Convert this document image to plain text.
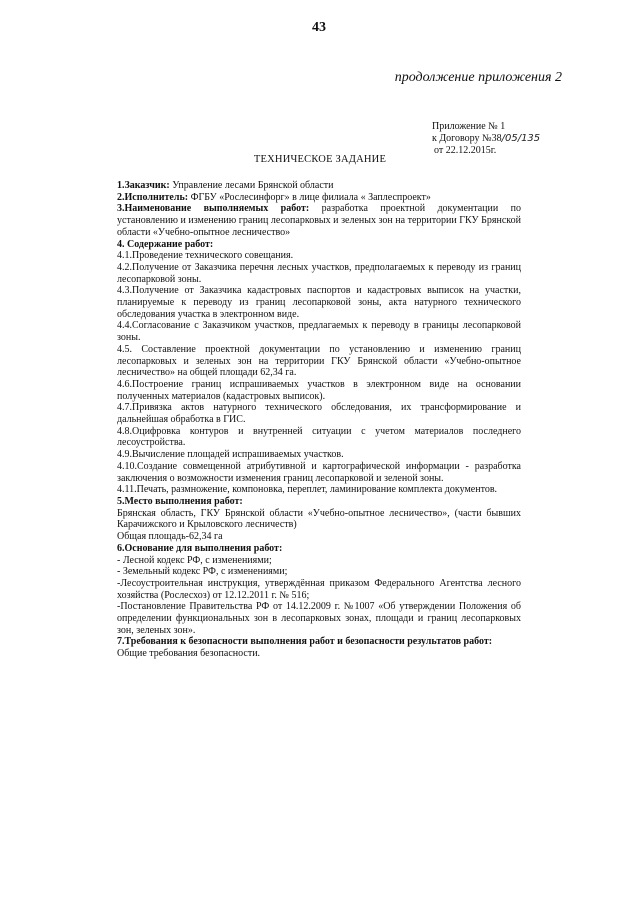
43
продолжение приложения 2
Приложение № 1
к Договору №38/05/135
от 22.12.2015г.
ТЕХНИЧЕСКОЕ ЗАДАНИЕ

1.Заказчик: Управление лесами Брянской области

2.Исполнитель: ФГБУ «Рослесинфорг» в лице филиала « Заплеспроект»

3.Наименование выполняемых работ: разработка проектной документации по установлению и изменению границ лесопарковых и зеленых зон на территории ГКУ Брянской области «Учебно-опытное лесничество»

4. Содержание работ:

4.1.Проведение технического совещания.

4.2.Получение от Заказчика перечня лесных участков, предполагаемых к переводу из границ лесопарковой зоны.

4.3.Получение от Заказчика кадастровых паспортов и кадастровых выписок на участки, планируемые к переводу из границ лесопарковой зоны, акта натурного технического обследования участка в электронном виде.

4.4.Согласование с Заказчиком участков, предлагаемых к переводу в границы лесопарковой зоны.

4.5. Составление проектной документации по установлению и изменению границ лесопарковых и зеленых зон на территории ГКУ Брянской области «Учебно-опытное лесничество» на общей площади 62,34 га.

4.6.Построение границ испрашиваемых участков в электронном виде на основании полученных материалов (кадастровых выписок).

4.7.Привязка актов натурного технического обследования, их трансформирование и дальнейшая обработка в ГИС.

4.8.Оцифровка контуров и внутренней ситуации с учетом материалов последнего лесоустройства.

4.9.Вычисление площадей испрашиваемых участков.

4.10.Создание совмещенной атрибутивной и картографической информации - разработка заключения о возможности изменения границ лесопарковой и зеленой зоны.

4.11.Печать, размножение, компоновка, переплет, ламинирование комплекта документов.

5.Место выполнения работ:

Брянская область, ГКУ Брянской области «Учебно-опытное лесничество», (части бывших Карачижского и Крыловского лесничеств)

Общая площадь-62,34 га

6.Основание для выполнения работ:

- Лесной кодекс РФ, с изменениями;

- Земельный кодекс РФ, с изменениями;

-Лесоустроительная инструкция, утверждённая приказом Федерального Агентства лесного хозяйства (Рослесхоз) от 12.12.2011 г. № 516;

-Постановление Правительства РФ от 14.12.2009 г. №1007 «Об утверждении Положения об определении функциональных зон в лесопарковых зонах, площади и границ лесопарковых зон, зеленых зон».

7.Требования к безопасности выполнения работ и безопасности результатов работ:

Общие требования безопасности.
